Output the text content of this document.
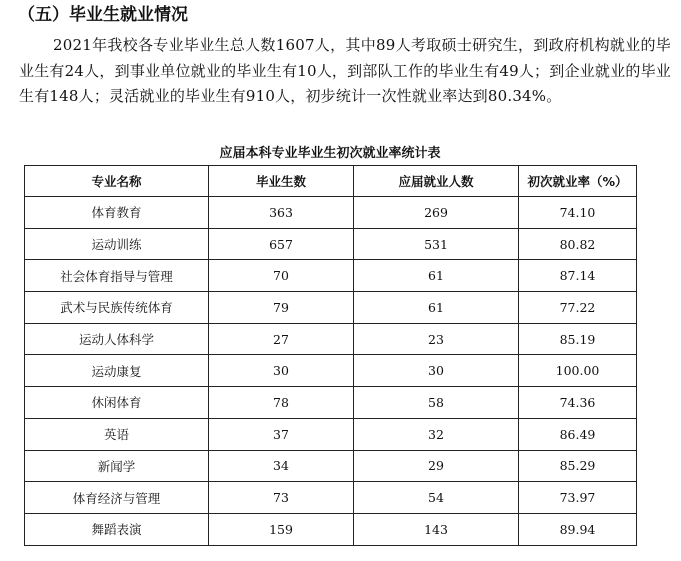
（五）毕业生就业情况

2021年我校各专业毕业生总人数1607人，其中89人考取硕士研究生，到政府机构就业的毕业生有24人，到事业单位就业的毕业生有10人，到部队工作的毕业生有49人；到企业就业的毕业生有148人；灵活就业的毕业生有910人，初步统计一次性就业率达到80.34%。

应届本科专业毕业生初次就业率统计表
专业名称	毕业生数	应届就业人数	初次就业率（%）
体育教育	363	269	74.10
运动训练	657	531	80.82
社会体育指导与管理	70	61	87.14
武术与民族传统体育	79	61	77.22
运动人体科学	27	23	85.19
运动康复	30	30	100.00
休闲体育	78	58	74.36
英语	37	32	86.49
新闻学	34	29	85.29
体育经济与管理	73	54	73.97
舞蹈表演	159	143	89.94
